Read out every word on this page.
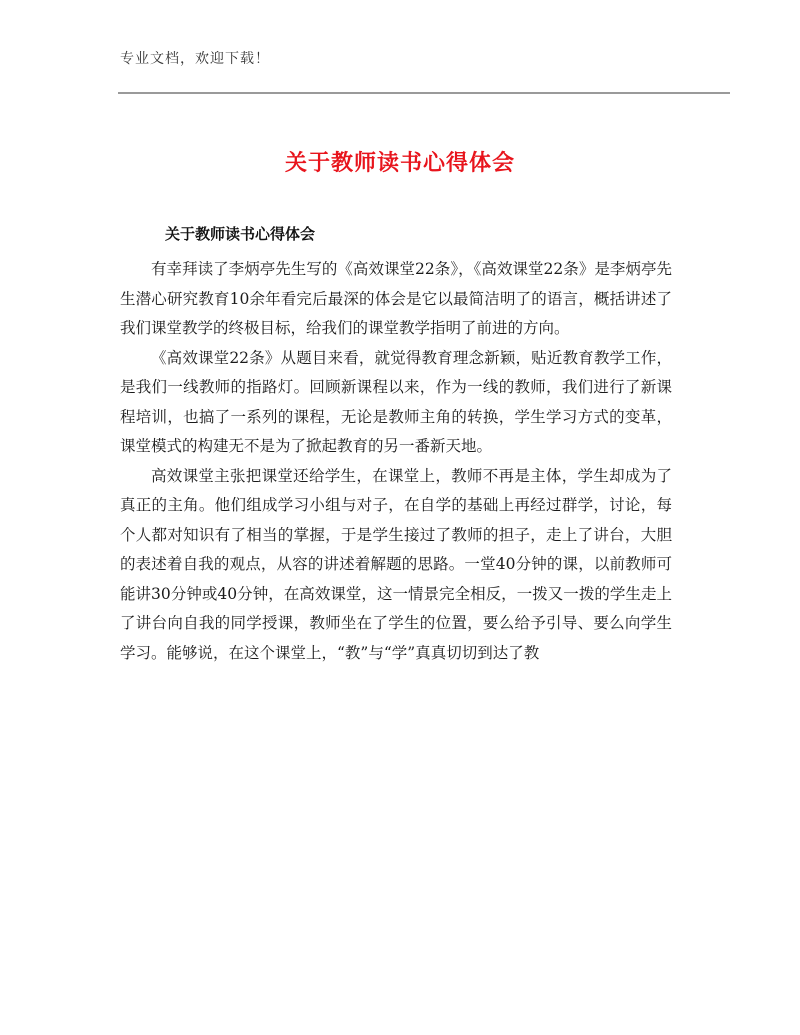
专业文档，欢迎下载！
关于教师读书心得体会
关于教师读书心得体会

有幸拜读了李炳亭先生写的《高效课堂22条》，《高效课堂22条》是李炳亭先生潜心研究教育10余年看完后最深的体会是它以最简洁明了的语言，概括讲述了我们课堂教学的终极目标，给我们的课堂教学指明了前进的方向。

《高效课堂22条》从题目来看，就觉得教育理念新颖，贴近教育教学工作，是我们一线教师的指路灯。回顾新课程以来，作为一线的教师，我们进行了新课程培训，也搞了一系列的课程，无论是教师主角的转换，学生学习方式的变革，课堂模式的构建无不是为了掀起教育的另一番新天地。

高效课堂主张把课堂还给学生，在课堂上，教师不再是主体，学生却成为了真正的主角。他们组成学习小组与对子，在自学的基础上再经过群学，讨论，每个人都对知识有了相当的掌握，于是学生接过了教师的担子，走上了讲台，大胆的表述着自我的观点，从容的讲述着解题的思路。一堂40分钟的课，以前教师可能讲30分钟或40分钟，在高效课堂，这一情景完全相反，一拨又一拨的学生走上了讲台向自我的同学授课，教师坐在了学生的位置，要么给予引导、要么向学生学习。能够说，在这个课堂上，“教”与“学”真真切切到达了教
